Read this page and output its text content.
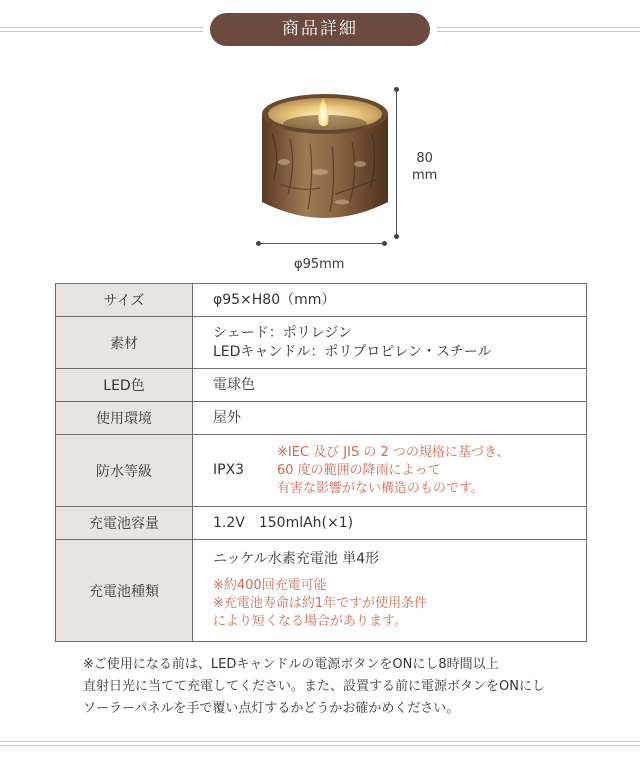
商品詳細
80
mm
φ95mm
サイズ	φ95×H80（mm）
素材	シェード：ポリレジン
LEDキャンドル：ポリプロピレン・スチール

LED色	電球色
使用環境	屋外
防水等級	IPX3
※IEC 及び JIS の 2 つの規格に基づき、
60 度の範囲の降雨によって
有害な影響がない構造のものです。

充電池容量	1.2V　150mlAh(×1)
充電池種類	ニッケル水素充電池 単4形
※約400回充電可能
※充電池寿命は約1年ですが使用条件
により短くなる場合があります。
※ご使用になる前は、LEDキャンドルの電源ボタンをONにし8時間以上
直射日光に当てて充電してください。また、設置する前に電源ボタンをONにし
ソーラーパネルを手で覆い点灯するかどうかお確かめください。
